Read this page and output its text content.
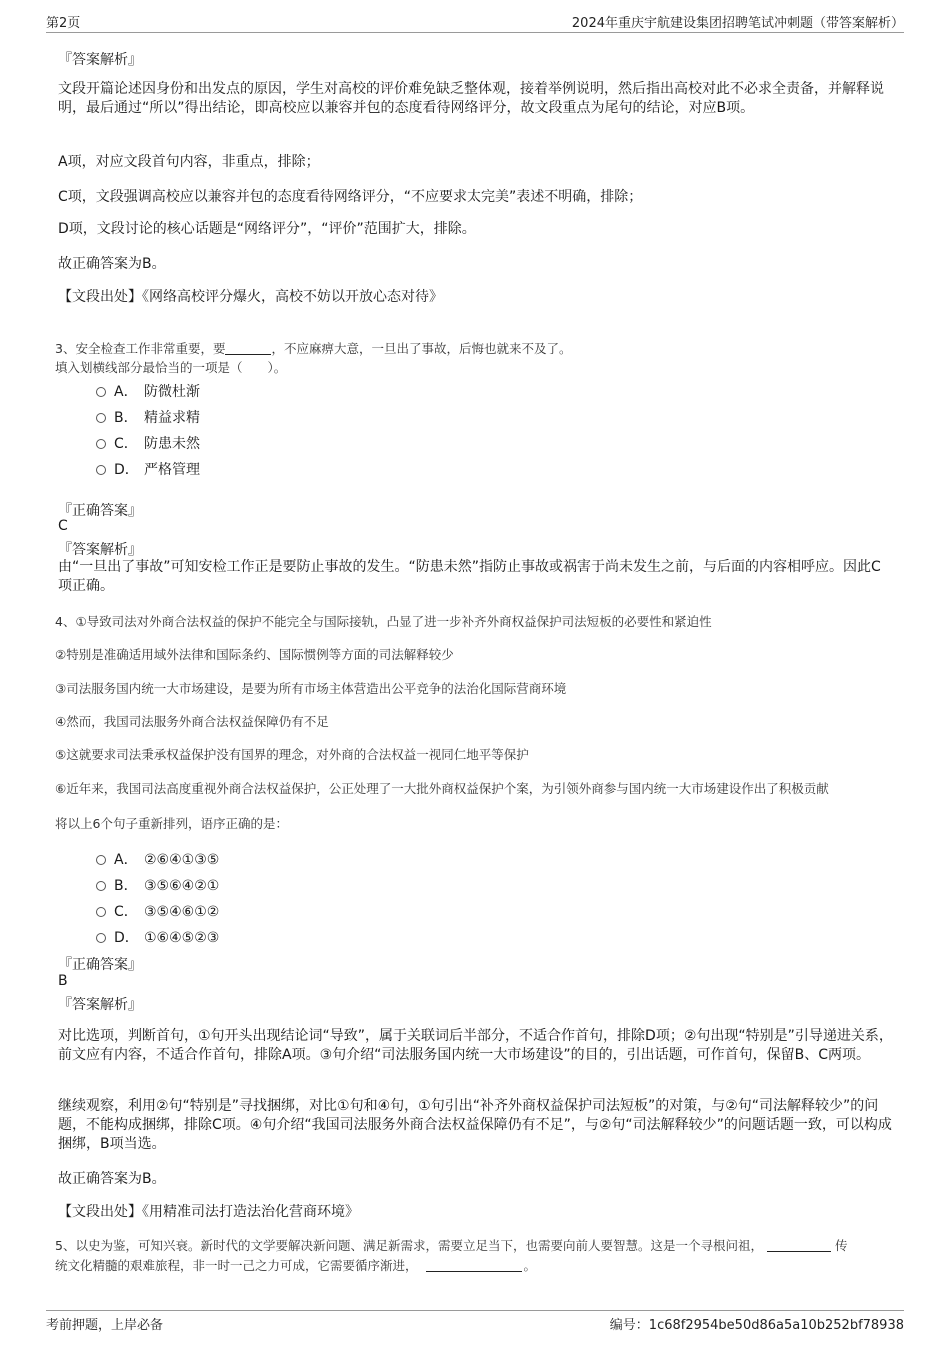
第2页	2024年重庆宇航建设集团招聘笔试冲刺题（带答案解析）
『答案解析』
文段开篇论述因身份和出发点的原因，学生对高校的评价难免缺乏整体观，接着举例说明，然后指出高校对此不必求全责备，并解释说明，最后通过“所以”得出结论，即高校应以兼容并包的态度看待网络评分，故文段重点为尾句的结论，对应B项。
A项，对应文段首句内容，非重点，排除；
C项，文段强调高校应以兼容并包的态度看待网络评分，“不应要求太完美”表述不明确，排除；
D项，文段讨论的核心话题是“网络评分”，“评价”范围扩大，排除。
故正确答案为B。
【文段出处】《网络高校评分爆火，高校不妨以开放心态对待》
3、安全检查工作非常重要，要	，不应麻痹大意，一旦出了事故，后悔也就来不及了。
填入划横线部分最恰当的一项是（　　）。
A． 防微杜渐
B． 精益求精
C． 防患未然
D． 严格管理
『正确答案』
C
『答案解析』
由“一旦出了事故”可知安检工作正是要防止事故的发生。“防患未然”指防止事故或祸害于尚未发生之前，与后面的内容相呼应。因此C项正确。
4、①导致司法对外商合法权益的保护不能完全与国际接轨，凸显了进一步补齐外商权益保护司法短板的必要性和紧迫性
②特别是准确适用域外法律和国际条约、国际惯例等方面的司法解释较少
③司法服务国内统一大市场建设，是要为所有市场主体营造出公平竞争的法治化国际营商环境
④然而，我国司法服务外商合法权益保障仍有不足
⑤这就要求司法秉承权益保护没有国界的理念，对外商的合法权益一视同仁地平等保护
⑥近年来，我国司法高度重视外商合法权益保护，公正处理了一大批外商权益保护个案，为引领外商参与国内统一大市场建设作出了积极贡献
将以上6个句子重新排列，语序正确的是：
A． ②⑥④①③⑤
B． ③⑤⑥④②①
C． ③⑤④⑥①②
D． ①⑥④⑤②③
『正确答案』
B
『答案解析』
对比选项，判断首句，①句开头出现结论词“导致”，属于关联词后半部分，不适合作首句，排除D项；②句出现“特别是”引导递进关系，前文应有内容，不适合作首句，排除A项。③句介绍“司法服务国内统一大市场建设”的目的，引出话题，可作首句，保留B、C两项。
继续观察，利用②句“特别是”寻找捆绑，对比①句和④句，①句引出“补齐外商权益保护司法短板”的对策，与②句“司法解释较少”的问题，不能构成捆绑，排除C项。④句介绍“我国司法服务外商合法权益保障仍有不足”，与②句“司法解释较少”的问题话题一致，可以构成捆绑，B项当选。
故正确答案为B。
【文段出处】《用精准司法打造法治化营商环境》
5、以史为鉴，可知兴衰。新时代的文学要解决新问题、满足新需求，需要立足当下，也需要向前人要智慧。这是一个寻根问祖，	传
统文化精髓的艰难旅程，非一时一己之力可成，它需要循序渐进，	。
考前押题，上岸必备	编号：1c68f2954be50d86a5a10b252bf78938
